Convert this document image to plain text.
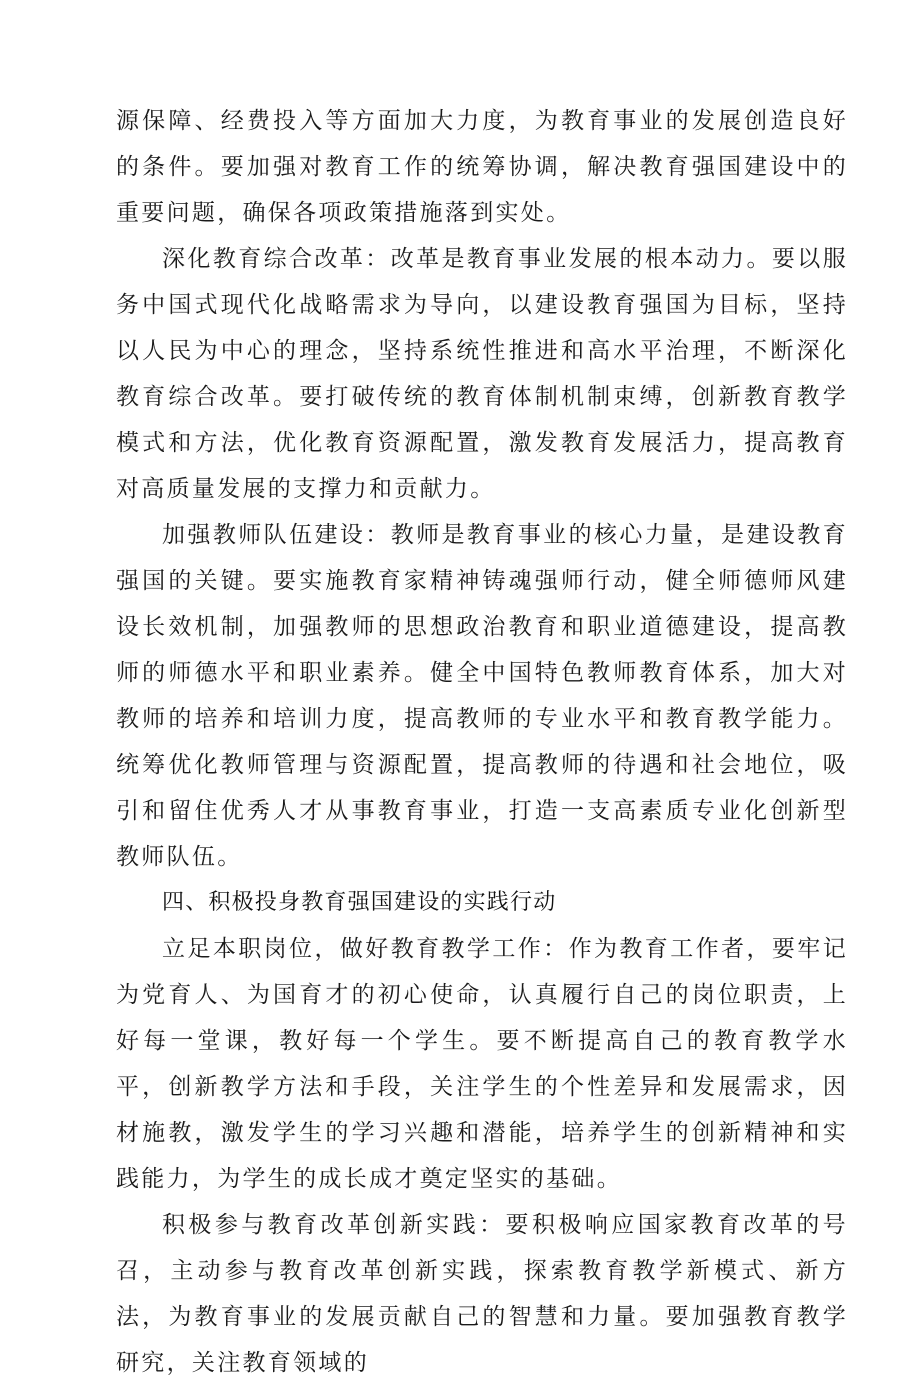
源保障、经费投入等方面加大力度，为教育事业的发展创造良好的条件。要加强对教育工作的统筹协调，解决教育强国建设中的重要问题，确保各项政策措施落到实处。

深化教育综合改革：改革是教育事业发展的根本动力。要以服务中国式现代化战略需求为导向，以建设教育强国为目标，坚持以人民为中心的理念，坚持系统性推进和高水平治理，不断深化教育综合改革。要打破传统的教育体制机制束缚，创新教育教学模式和方法，优化教育资源配置，激发教育发展活力，提高教育对高质量发展的支撑力和贡献力。

加强教师队伍建设：教师是教育事业的核心力量，是建设教育强国的关键。要实施教育家精神铸魂强师行动，健全师德师风建设长效机制，加强教师的思想政治教育和职业道德建设，提高教师的师德水平和职业素养。健全中国特色教师教育体系，加大对教师的培养和培训力度，提高教师的专业水平和教育教学能力。统筹优化教师管理与资源配置，提高教师的待遇和社会地位，吸引和留住优秀人才从事教育事业，打造一支高素质专业化创新型教师队伍。

四、积极投身教育强国建设的实践行动

立足本职岗位，做好教育教学工作：作为教育工作者，要牢记为党育人、为国育才的初心使命，认真履行自己的岗位职责，上好每一堂课，教好每一个学生。要不断提高自己的教育教学水平，创新教学方法和手段，关注学生的个性差异和发展需求，因材施教，激发学生的学习兴趣和潜能，培养学生的创新精神和实践能力，为学生的成长成才奠定坚实的基础。

积极参与教育改革创新实践：要积极响应国家教育改革的号召，主动参与教育改革创新实践，探索教育教学新模式、新方法，为教育事业的发展贡献自己的智慧和力量。要加强教育教学研究，关注教育领域的
